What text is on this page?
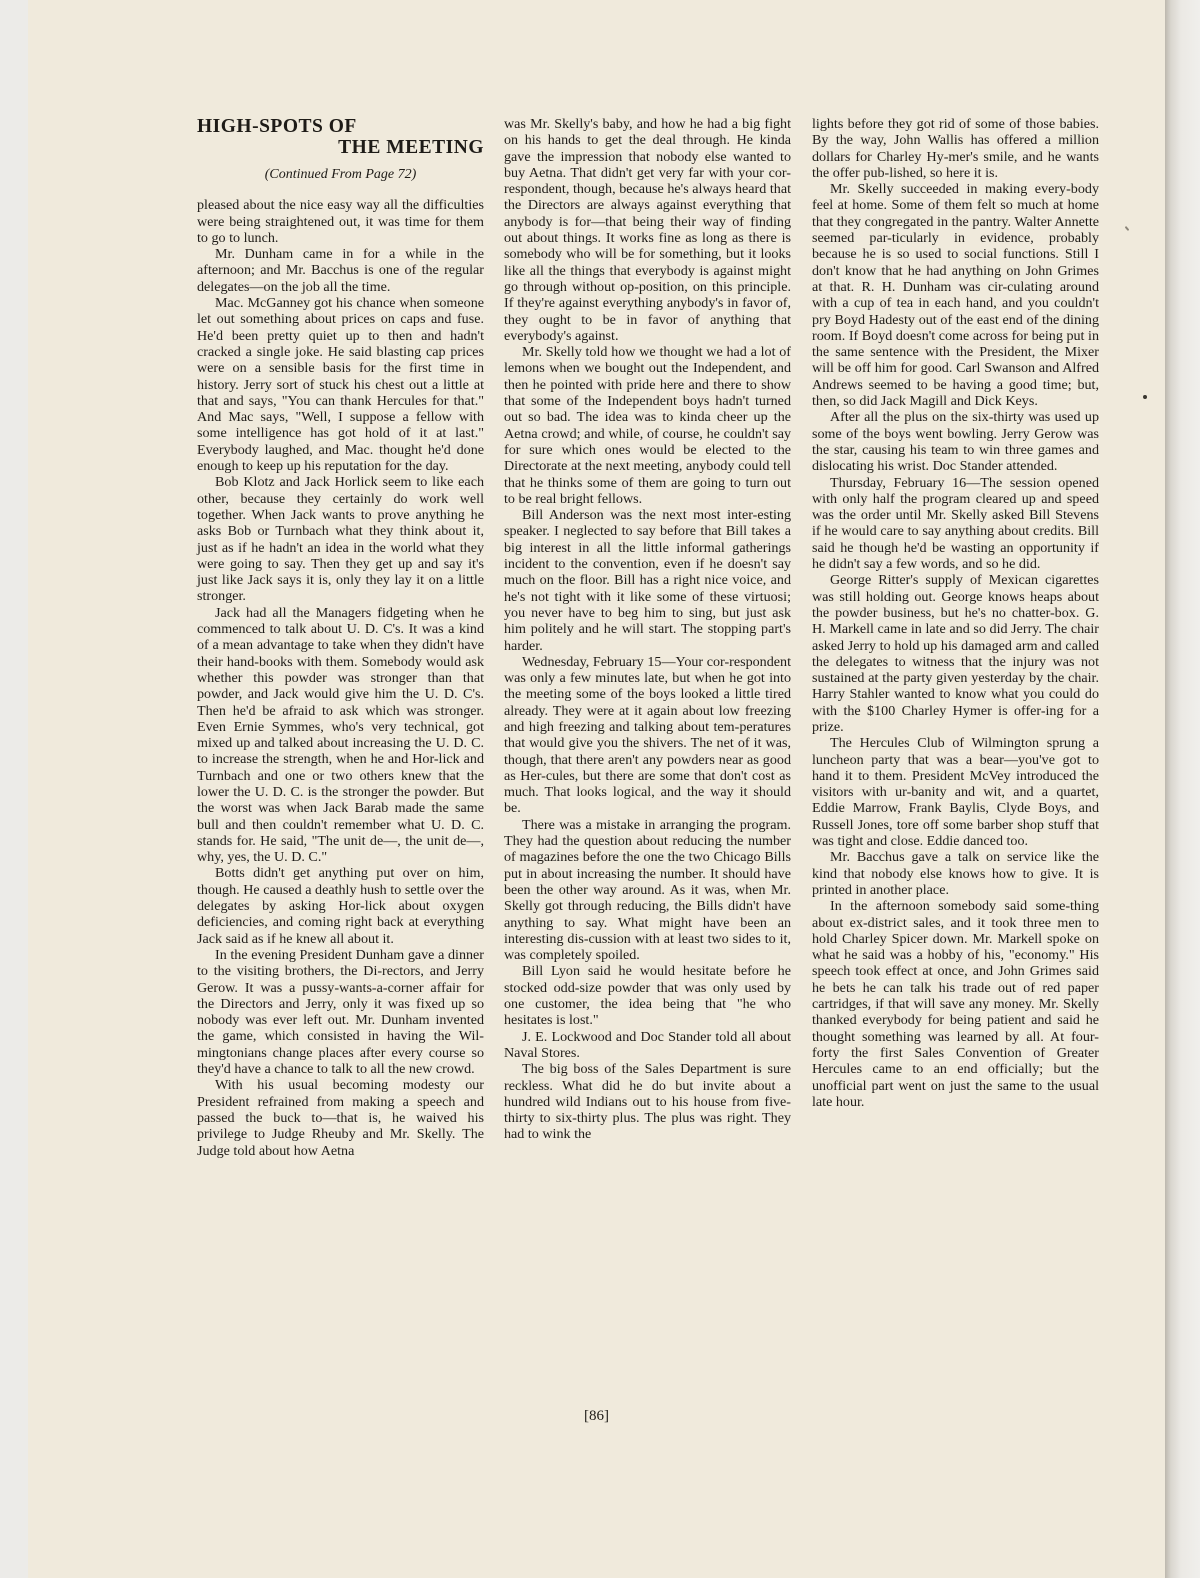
HIGH-SPOTS OF
THE MEETING
(Continued From Page 72)

pleased about the nice easy way all the difficulties were being straightened out, it was time for them to go to lunch.

Mr. Dunham came in for a while in the afternoon; and Mr. Bacchus is one of the regular delegates—on the job all the time.

Mac. McGanney got his chance when someone let out something about prices on caps and fuse. He'd been pretty quiet up to then and hadn't cracked a single joke. He said blasting cap prices were on a sensible basis for the first time in history. Jerry sort of stuck his chest out a little at that and says, "You can thank Hercules for that." And Mac says, "Well, I suppose a fellow with some intelligence has got hold of it at last." Everybody laughed, and Mac. thought he'd done enough to keep up his reputation for the day.

Bob Klotz and Jack Horlick seem to like each other, because they certainly do work well together. When Jack wants to prove anything he asks Bob or Turnbach what they think about it, just as if he hadn't an idea in the world what they were going to say. Then they get up and say it's just like Jack says it is, only they lay it on a little stronger.

Jack had all the Managers fidgeting when he commenced to talk about U. D. C's. It was a kind of a mean advantage to take when they didn't have their hand-books with them. Somebody would ask whether this powder was stronger than that powder, and Jack would give him the U. D. C's. Then he'd be afraid to ask which was stronger. Even Ernie Symmes, who's very technical, got mixed up and talked about increasing the U. D. C. to increase the strength, when he and Hor-lick and Turnbach and one or two others knew that the lower the U. D. C. is the stronger the powder. But the worst was when Jack Barab made the same bull and then couldn't remember what U. D. C. stands for. He said, "The unit de—, the unit de—, why, yes, the U. D. C."

Botts didn't get anything put over on him, though. He caused a deathly hush to settle over the delegates by asking Hor-lick about oxygen deficiencies, and coming right back at everything Jack said as if he knew all about it.

In the evening President Dunham gave a dinner to the visiting brothers, the Di-rectors, and Jerry Gerow. It was a pussy-wants-a-corner affair for the Directors and Jerry, only it was fixed up so nobody was ever left out. Mr. Dunham invented the game, which consisted in having the Wil-mingtonians change places after every course so they'd have a chance to talk to all the new crowd.

With his usual becoming modesty our President refrained from making a speech and passed the buck to—that is, he waived his privilege to Judge Rheuby and Mr. Skelly. The Judge told about how Aetna

was Mr. Skelly's baby, and how he had a big fight on his hands to get the deal through. He kinda gave the impression that nobody else wanted to buy Aetna. That didn't get very far with your cor-respondent, though, because he's always heard that the Directors are always against everything that anybody is for—that being their way of finding out about things. It works fine as long as there is somebody who will be for something, but it looks like all the things that everybody is against might go through without op-position, on this principle. If they're against everything anybody's in favor of, they ought to be in favor of anything that everybody's against.

Mr. Skelly told how we thought we had a lot of lemons when we bought out the Independent, and then he pointed with pride here and there to show that some of the Independent boys hadn't turned out so bad. The idea was to kinda cheer up the Aetna crowd; and while, of course, he couldn't say for sure which ones would be elected to the Directorate at the next meeting, anybody could tell that he thinks some of them are going to turn out to be real bright fellows.

Bill Anderson was the next most inter-esting speaker. I neglected to say before that Bill takes a big interest in all the little informal gatherings incident to the convention, even if he doesn't say much on the floor. Bill has a right nice voice, and he's not tight with it like some of these virtuosi; you never have to beg him to sing, but just ask him politely and he will start. The stopping part's harder.

Wednesday, February 15—Your cor-respondent was only a few minutes late, but when he got into the meeting some of the boys looked a little tired already. They were at it again about low freezing and high freezing and talking about tem-peratures that would give you the shivers. The net of it was, though, that there aren't any powders near as good as Her-cules, but there are some that don't cost as much. That looks logical, and the way it should be.

There was a mistake in arranging the program. They had the question about reducing the number of magazines before the one the two Chicago Bills put in about increasing the number. It should have been the other way around. As it was, when Mr. Skelly got through reducing, the Bills didn't have anything to say. What might have been an interesting dis-cussion with at least two sides to it, was completely spoiled.

Bill Lyon said he would hesitate before he stocked odd-size powder that was only used by one customer, the idea being that "he who hesitates is lost."

J. E. Lockwood and Doc Stander told all about Naval Stores.

The big boss of the Sales Department is sure reckless. What did he do but invite about a hundred wild Indians out to his house from five-thirty to six-thirty plus. The plus was right. They had to wink the

lights before they got rid of some of those babies. By the way, John Wallis has offered a million dollars for Charley Hy-mer's smile, and he wants the offer pub-lished, so here it is.

Mr. Skelly succeeded in making every-body feel at home. Some of them felt so much at home that they congregated in the pantry. Walter Annette seemed par-ticularly in evidence, probably because he is so used to social functions. Still I don't know that he had anything on John Grimes at that. R. H. Dunham was cir-culating around with a cup of tea in each hand, and you couldn't pry Boyd Hadesty out of the east end of the dining room. If Boyd doesn't come across for being put in the same sentence with the President, the Mixer will be off him for good. Carl Swanson and Alfred Andrews seemed to be having a good time; but, then, so did Jack Magill and Dick Keys.

After all the plus on the six-thirty was used up some of the boys went bowling. Jerry Gerow was the star, causing his team to win three games and dislocating his wrist. Doc Stander attended.

Thursday, February 16—The session opened with only half the program cleared up and speed was the order until Mr. Skelly asked Bill Stevens if he would care to say anything about credits. Bill said he though he'd be wasting an opportunity if he didn't say a few words, and so he did.

George Ritter's supply of Mexican cigarettes was still holding out. George knows heaps about the powder business, but he's no chatter-box. G. H. Markell came in late and so did Jerry. The chair asked Jerry to hold up his damaged arm and called the delegates to witness that the injury was not sustained at the party given yesterday by the chair. Harry Stahler wanted to know what you could do with the $100 Charley Hymer is offer-ing for a prize.

The Hercules Club of Wilmington sprung a luncheon party that was a bear—you've got to hand it to them. President McVey introduced the visitors with ur-banity and wit, and a quartet, Eddie Marrow, Frank Baylis, Clyde Boys, and Russell Jones, tore off some barber shop stuff that was tight and close. Eddie danced too.

Mr. Bacchus gave a talk on service like the kind that nobody else knows how to give. It is printed in another place.

In the afternoon somebody said some-thing about ex-district sales, and it took three men to hold Charley Spicer down. Mr. Markell spoke on what he said was a hobby of his, "economy." His speech took effect at once, and John Grimes said he bets he can talk his trade out of red paper cartridges, if that will save any money. Mr. Skelly thanked everybody for being patient and said he thought something was learned by all. At four-forty the first Sales Convention of Greater Hercules came to an end officially; but the unofficial part went on just the same to the usual late hour.

[86]
